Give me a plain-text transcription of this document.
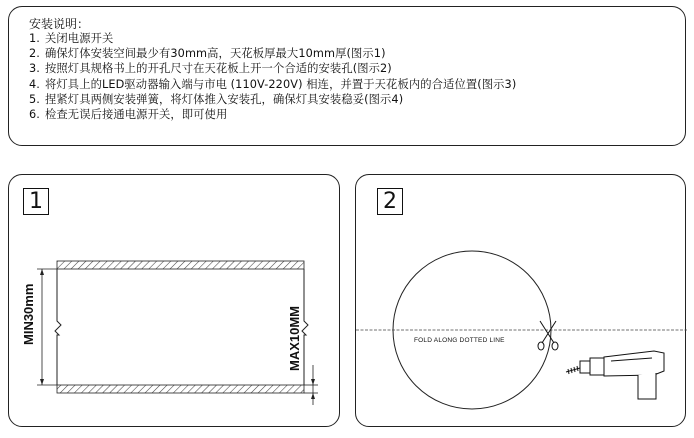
安装说明：
1. 关闭电源开关
2. 确保灯体安装空间最少有30mm高，天花板厚最大10mm厚(图示1)
3. 按照灯具规格书上的开孔尺寸在天花板上开一个合适的安装孔(图示2)
4. 将灯具上的LED驱动器输入端与市电 (110V-220V) 相连，并置于天花板内的合适位置(图示3)
5. 捏紧灯具两侧安装弹簧，将灯体推入安装孔，确保灯具安装稳妥(图示4)
6. 检查无误后接通电源开关，即可使用
1
MIN30mm	MAX10MM
2
FOLD ALONG DOTTED LINE
